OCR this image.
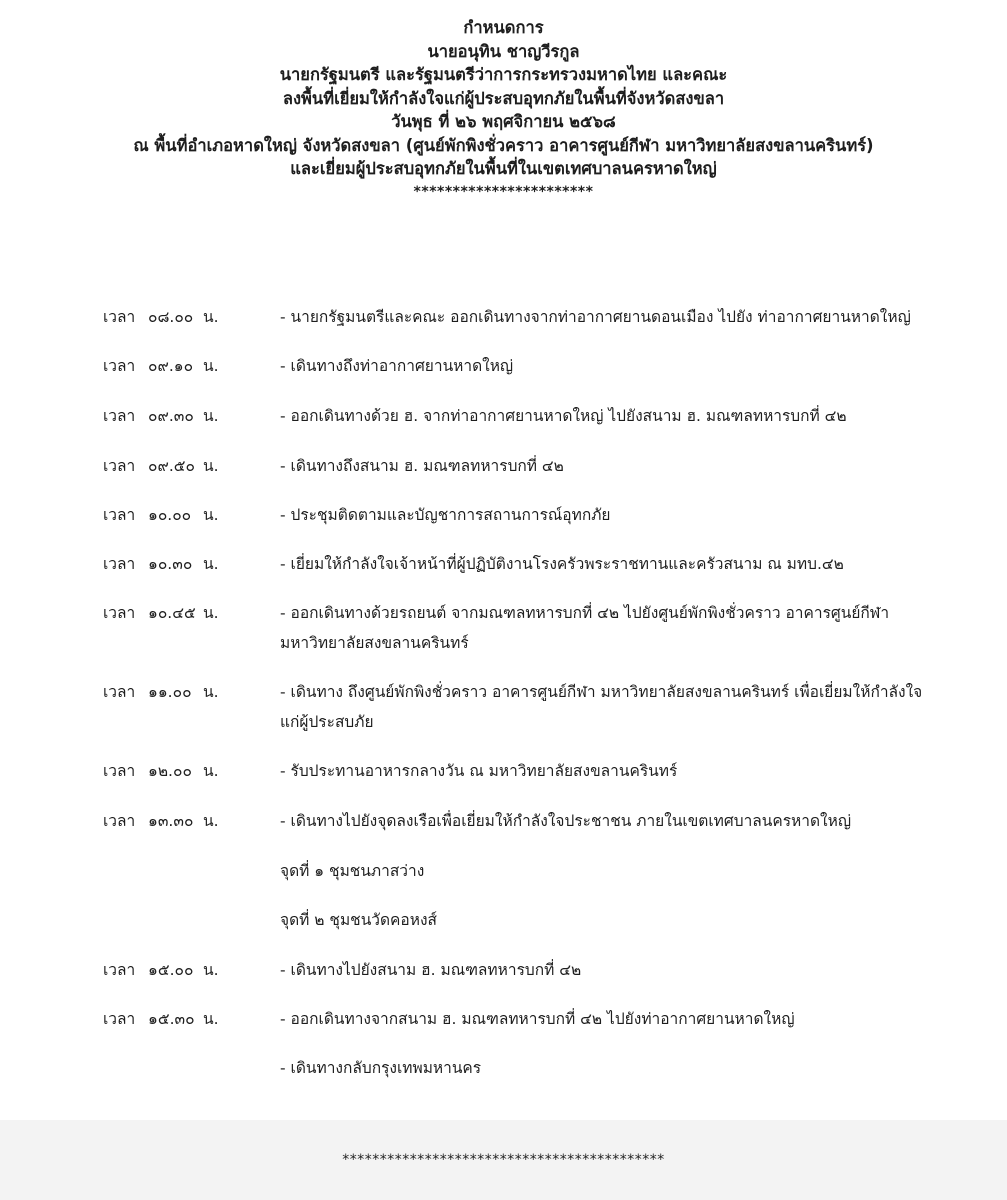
กำหนดการ
นายอนุทิน ชาญวีรกูล
นายกรัฐมนตรี และรัฐมนตรีว่าการกระทรวงมหาดไทย และคณะ
ลงพื้นที่เยี่ยมให้กำลังใจแก่ผู้ประสบอุทกภัยในพื้นที่จังหวัดสงขลา
วันพุธ ที่ ๒๖ พฤศจิกายน ๒๕๖๘
ณ พื้นที่อำเภอหาดใหญ่ จังหวัดสงขลา (ศูนย์พักพิงชั่วคราว อาคารศูนย์กีฬา มหาวิทยาลัยสงขลานครินทร์)
และเยี่ยมผู้ประสบอุทกภัยในพื้นที่ในเขตเทศบาลนครหาดใหญ่
***********************
เวลา ๐๘.๐๐ น.	- นายกรัฐมนตรีและคณะ ออกเดินทางจากท่าอากาศยานดอนเมือง ไปยัง ท่าอากาศยานหาดใหญ่
เวลา ๐๙.๑๐ น.	- เดินทางถึงท่าอากาศยานหาดใหญ่
เวลา ๐๙.๓๐ น.	- ออกเดินทางด้วย ฮ. จากท่าอากาศยานหาดใหญ่ ไปยังสนาม ฮ. มณฑลทหารบกที่ ๔๒
เวลา ๐๙.๕๐ น.	- เดินทางถึงสนาม ฮ. มณฑลทหารบกที่ ๔๒
เวลา ๑๐.๐๐ น.	- ประชุมติดตามและบัญชาการสถานการณ์อุทกภัย
เวลา ๑๐.๓๐ น.	- เยี่ยมให้กำลังใจเจ้าหน้าที่ผู้ปฏิบัติงานโรงครัวพระราชทานและครัวสนาม ณ มทบ.๔๒
เวลา ๑๐.๔๕ น.	- ออกเดินทางด้วยรถยนต์ จากมณฑลทหารบกที่ ๔๒ ไปยังศูนย์พักพิงชั่วคราว อาคารศูนย์กีฬา มหาวิทยาลัยสงขลานครินทร์
เวลา ๑๑.๐๐ น.	- เดินทาง ถึงศูนย์พักพิงชั่วคราว อาคารศูนย์กีฬา มหาวิทยาลัยสงขลานครินทร์ เพื่อเยี่ยมให้กำลังใจ แก่ผู้ประสบภัย
เวลา ๑๒.๐๐ น.	- รับประทานอาหารกลางวัน ณ มหาวิทยาลัยสงขลานครินทร์
เวลา ๑๓.๓๐ น.	- เดินทางไปยังจุดลงเรือเพื่อเยี่ยมให้กำลังใจประชาชน ภายในเขตเทศบาลนครหาดใหญ่
จุดที่ ๑ ชุมชนภาสว่าง
จุดที่ ๒ ชุมชนวัดคอหงส์
เวลา ๑๕.๐๐ น.	- เดินทางไปยังสนาม ฮ. มณฑลทหารบกที่ ๔๒
เวลา ๑๕.๓๐ น.	- ออกเดินทางจากสนาม ฮ. มณฑลทหารบกที่ ๔๒ ไปยังท่าอากาศยานหาดใหญ่
- เดินทางกลับกรุงเทพมหานคร
*******************************************
